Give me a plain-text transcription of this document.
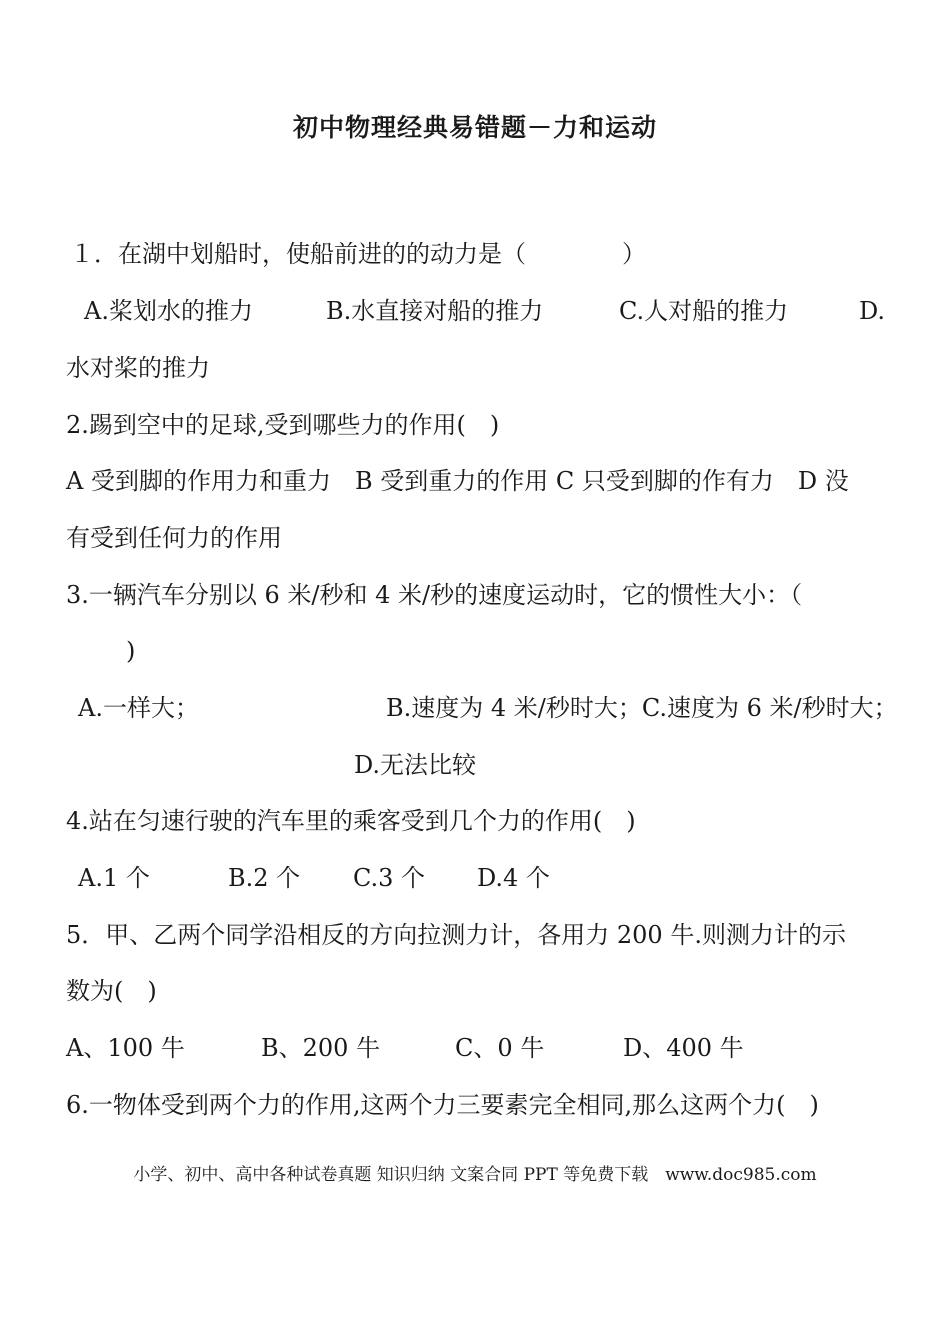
初中物理经典易错题－力和运动
１．在湖中划船时，使船前进的的动力是（　　　　）
A.桨划水的推力	B.水直接对船的推力	C.人对船的推力	D.
水对桨的推力
2.踢到空中的足球,受到哪些力的作用(　)
A 受到脚的作用力和重力　B 受到重力的作用 C 只受到脚的作有力　D 没
有受到任何力的作用
3.一辆汽车分别以 6 米/秒和 4 米/秒的速度运动时，它的惯性大小：（
)
A.一样大；	B.速度为 4 米/秒时大；C.速度为 6 米/秒时大；
D.无法比较
4.站在匀速行驶的汽车里的乘客受到几个力的作用(　)
A.1 个	B.2 个 C.3 个 D.4 个
5．甲、乙两个同学沿相反的方向拉测力计，各用力 200 牛.则测力计的示
数为(　)
A、100 牛	B、200 牛	C、0 牛	D、400 牛
6.一物体受到两个力的作用,这两个力三要素完全相同,那么这两个力(　)
小学、初中、高中各种试卷真题 知识归纳 文案合同 PPT 等免费下载　www.doc985.com
